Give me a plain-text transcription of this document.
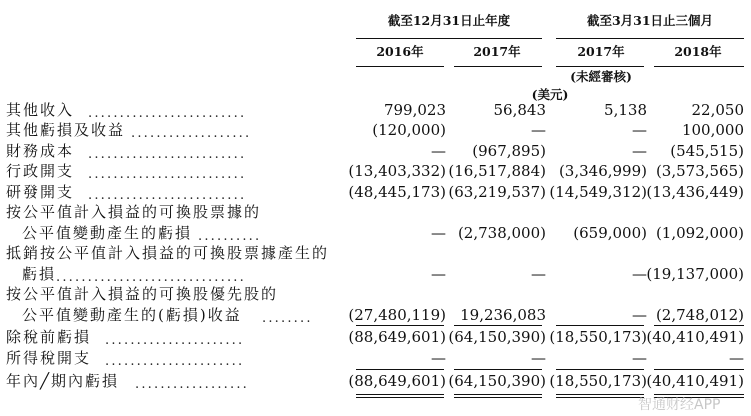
截至12月31日止年度	截至3月31日止三個月
2016年	2017年	2017年	2018年
(未經審核)
(美元)
其他收入 .........................	799,023	56,843	5,138	22,050
其他虧損及收益 ...................	(120,000)	—	—	100,000
財務成本 .........................	—	(967,895)	—	(545,515)
行政開支 .........................	(13,403,332) (16,517,884) (3,346,999) (3,573,565)
研發開支 .........................	(48,445,173) (63,219,537) (14,549,312) (13,436,449)
按公平值計入損益的可換股票據的
公平值變動產生的虧損 ..........	— (2,738,000)	(659,000) (1,092,000)
抵銷按公平值計入損益的可換股票據產生的
虧損 ..............................	—	—	— (19,137,000)
按公平值計入損益的可換股優先股的
公平值變動產生的(虧損)收益 ........	(27,480,119) 19,236,083	— (2,748,012)
除稅前虧損 ......................	(88,649,601) (64,150,390) (18,550,173) (40,410,491)
所得稅開支 ......................	—	—	—	—
年內╱期內虧損 ..................	(88,649,601) (64,150,390) (18,550,173) (40,410,491)
智通财经APP
